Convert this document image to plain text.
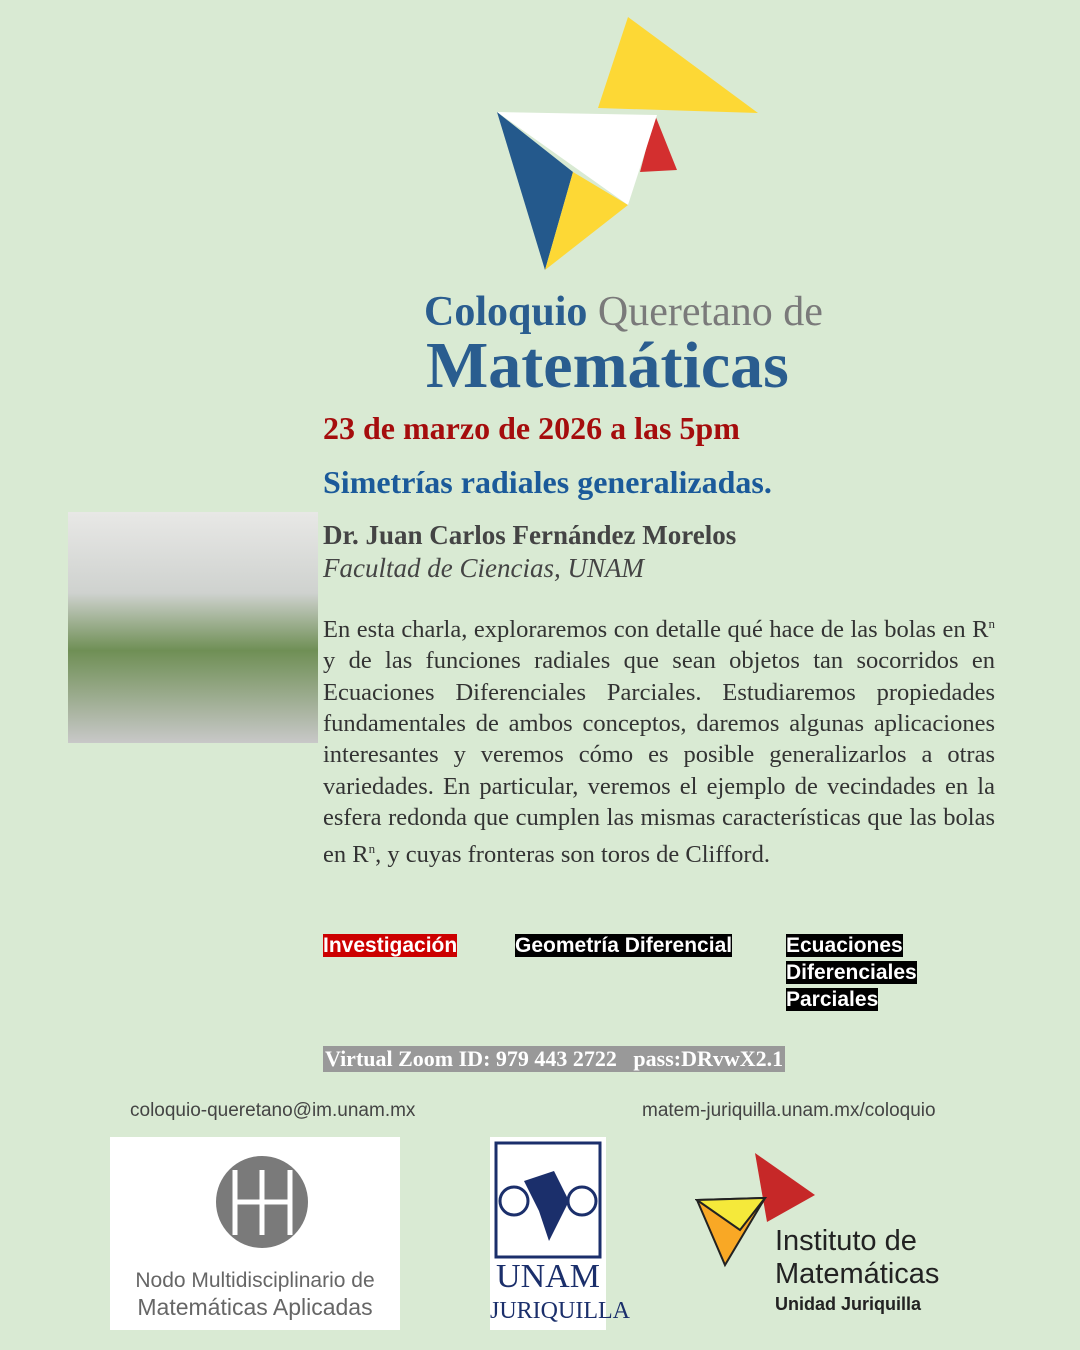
Coloquio Queretano de
Matemáticas
23 de marzo de 2026 a las 5pm
Simetrías radiales generalizadas.
Dr. Juan Carlos Fernández Morelos
Facultad de Ciencias, UNAM
En esta charla, exploraremos con detalle qué hace de las bolas en $R^n$ y de las funciones radiales que sean objetos tan socorridos en Ecuaciones Diferenciales Parciales. Estudiaremos propiedades fundamentales de ambos conceptos, daremos algunas aplicaciones interesantes y veremos cómo es posible generalizarlos a otras variedades. En particular, veremos el ejemplo de vecindades en la esfera redonda que cumplen las mismas características que las bolas en $R^n$, y cuyas fronteras son toros de Clifford.
Investigación	Geometría Diferencial	Ecuaciones
Diferenciales
Parciales
Virtual Zoom ID: 979 443 2722   pass:DRvwX2.1
coloquio-queretano@im.unam.mx	matem-juriquilla.unam.mx/coloquio
Nodo Multidisciplinario de
Matemáticas Aplicadas
UNAM
JURIQUILLA
Instituto de
Matemáticas
Unidad Juriquilla
